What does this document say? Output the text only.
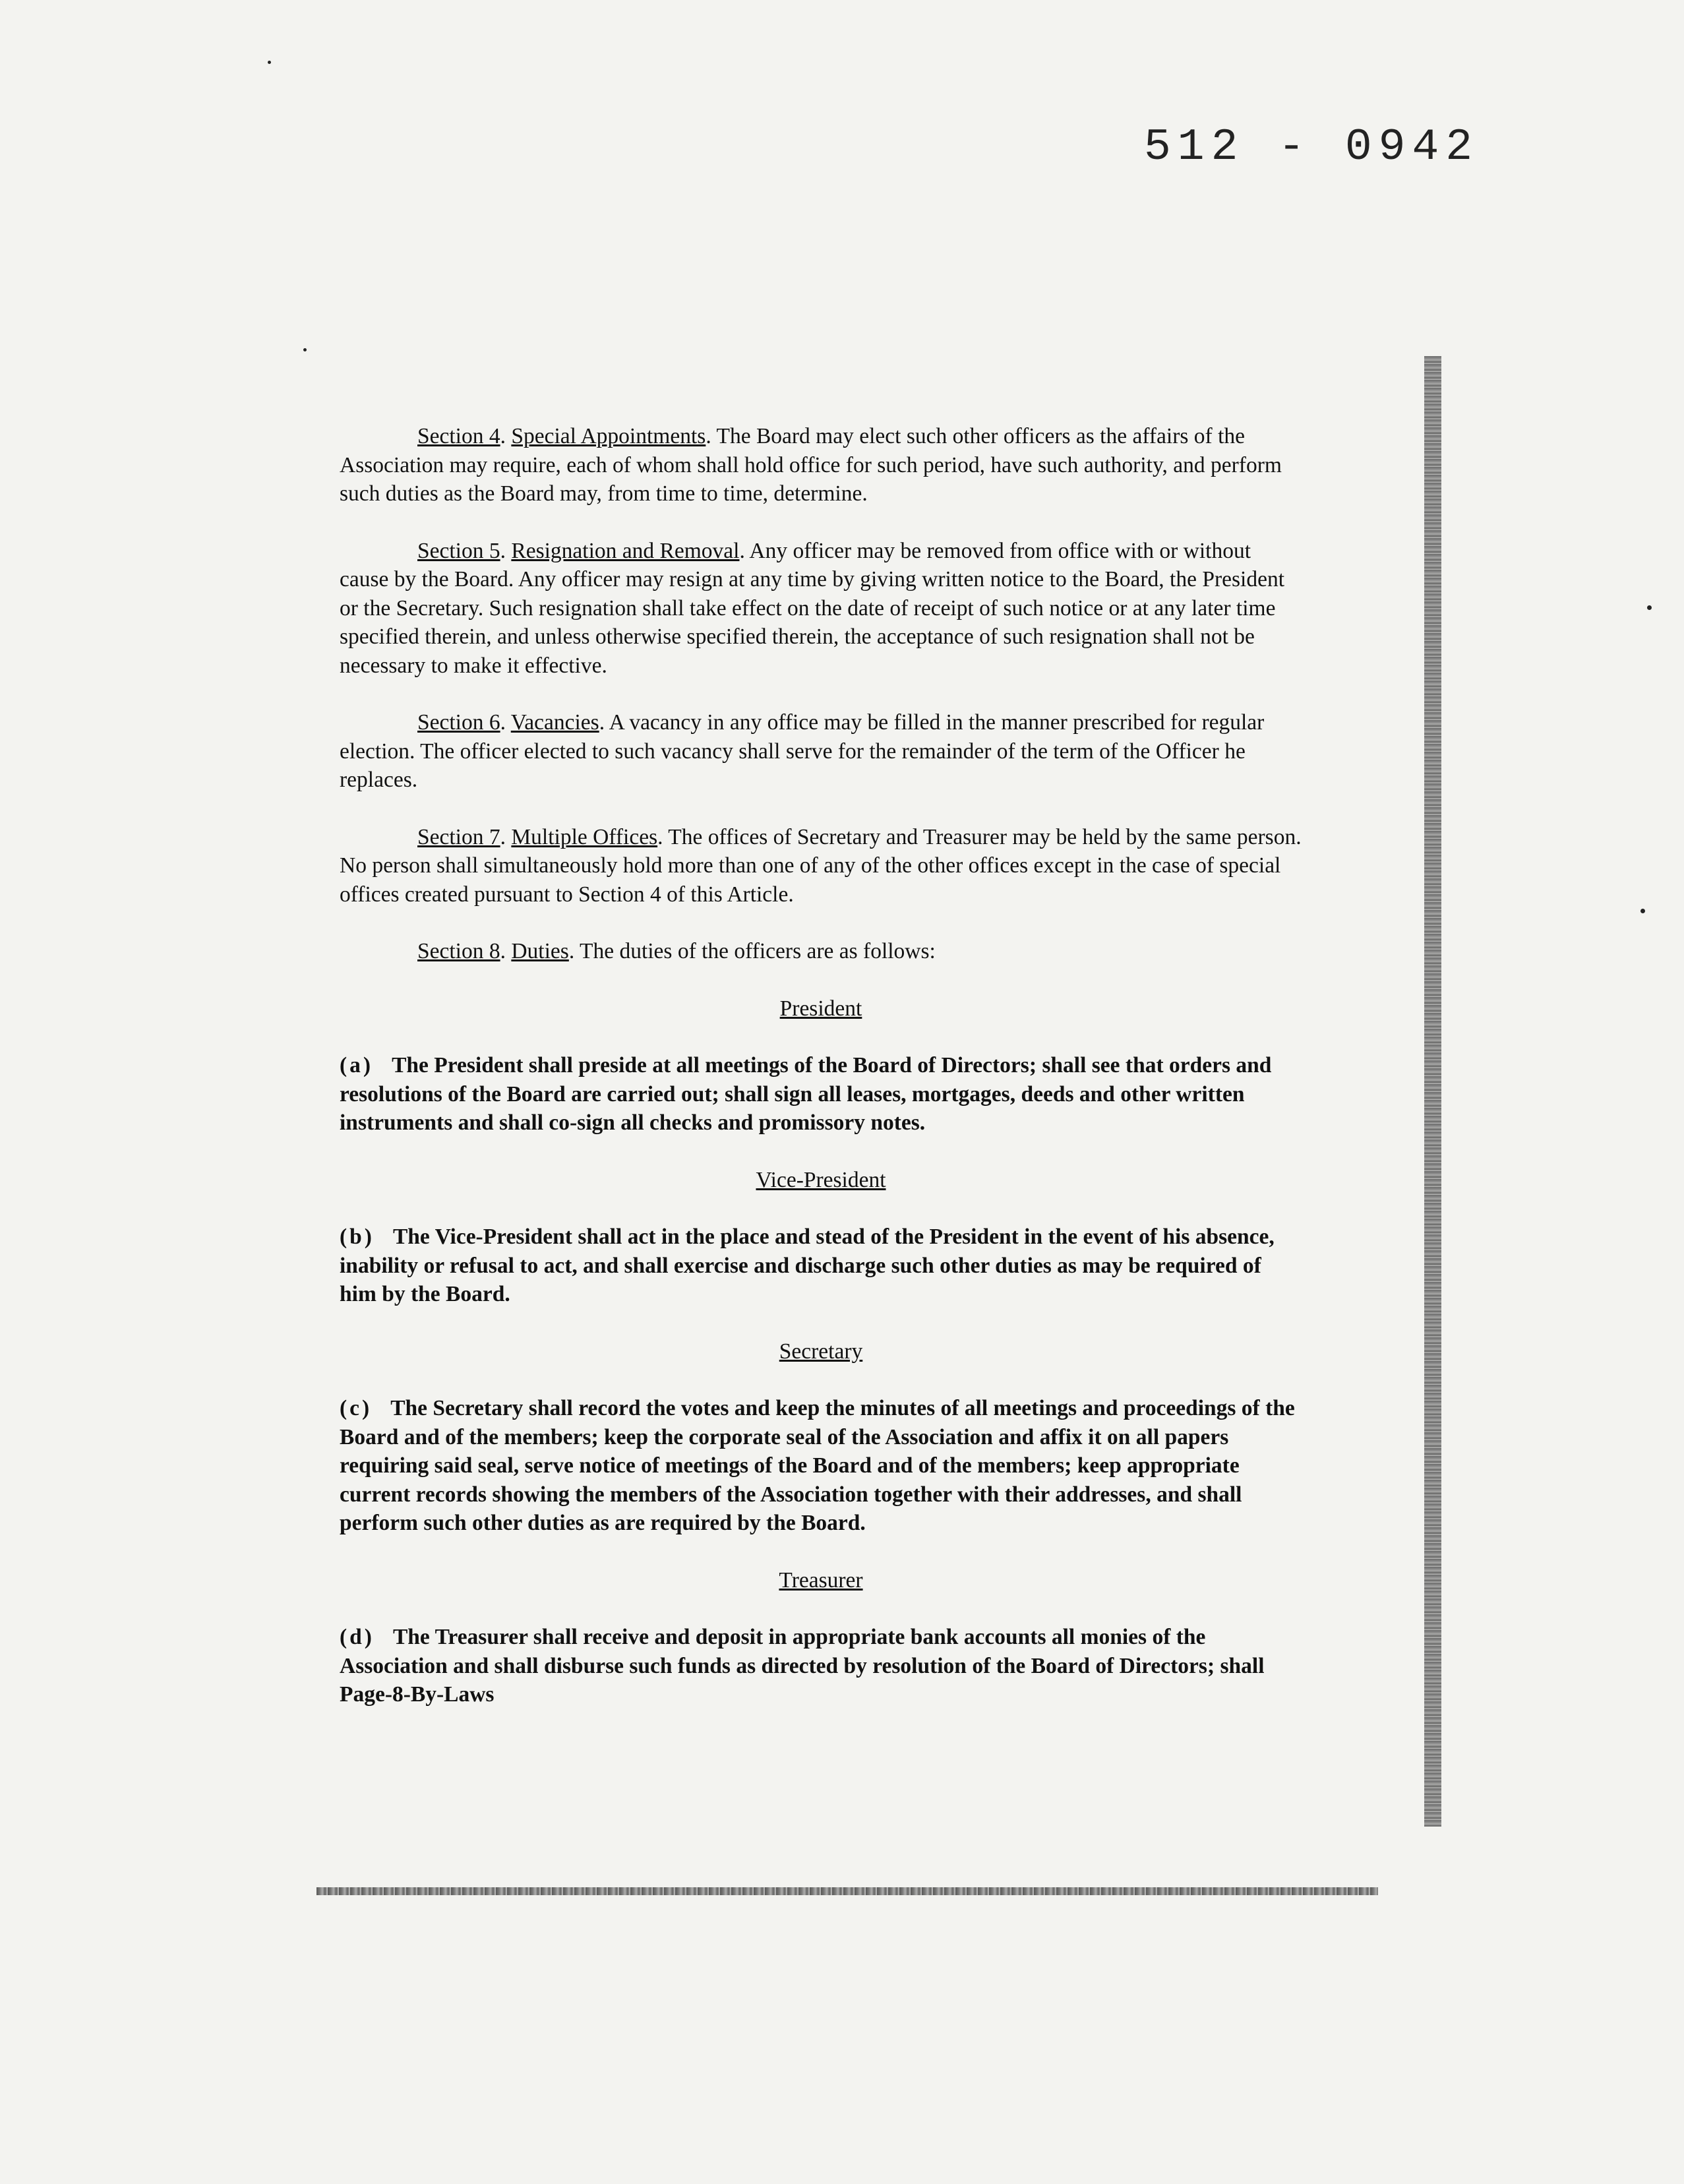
512 - 0942

Section 4. Special Appointments. The Board may elect such other officers as the affairs of the Association may require, each of whom shall hold office for such period, have such authority, and perform such duties as the Board may, from time to time, determine.

Section 5. Resignation and Removal. Any officer may be removed from office with or without cause by the Board. Any officer may resign at any time by giving written notice to the Board, the President or the Secretary. Such resignation shall take effect on the date of receipt of such notice or at any later time specified therein, and unless otherwise specified therein, the acceptance of such resignation shall not be necessary to make it effective.

Section 6. Vacancies. A vacancy in any office may be filled in the manner prescribed for regular election. The officer elected to such vacancy shall serve for the remainder of the term of the Officer he replaces.

Section 7. Multiple Offices. The offices of Secretary and Treasurer may be held by the same person. No person shall simultaneously hold more than one of any of the other offices except in the case of special offices created pursuant to Section 4 of this Article.

Section 8. Duties. The duties of the officers are as follows:

President

(a) The President shall preside at all meetings of the Board of Directors; shall see that orders and resolutions of the Board are carried out; shall sign all leases, mortgages, deeds and other written instruments and shall co-sign all checks and promissory notes.

Vice-President

(b) The Vice-President shall act in the place and stead of the President in the event of his absence, inability or refusal to act, and shall exercise and discharge such other duties as may be required of him by the Board.

Secretary

(c) The Secretary shall record the votes and keep the minutes of all meetings and proceedings of the Board and of the members; keep the corporate seal of the Association and affix it on all papers requiring said seal, serve notice of meetings of the Board and of the members; keep appropriate current records showing the members of the Association together with their addresses, and shall perform such other duties as are required by the Board.

Treasurer

(d) The Treasurer shall receive and deposit in appropriate bank accounts all monies of the Association and shall disburse such funds as directed by resolution of the Board of Directors; shall

Page-8-By-Laws
